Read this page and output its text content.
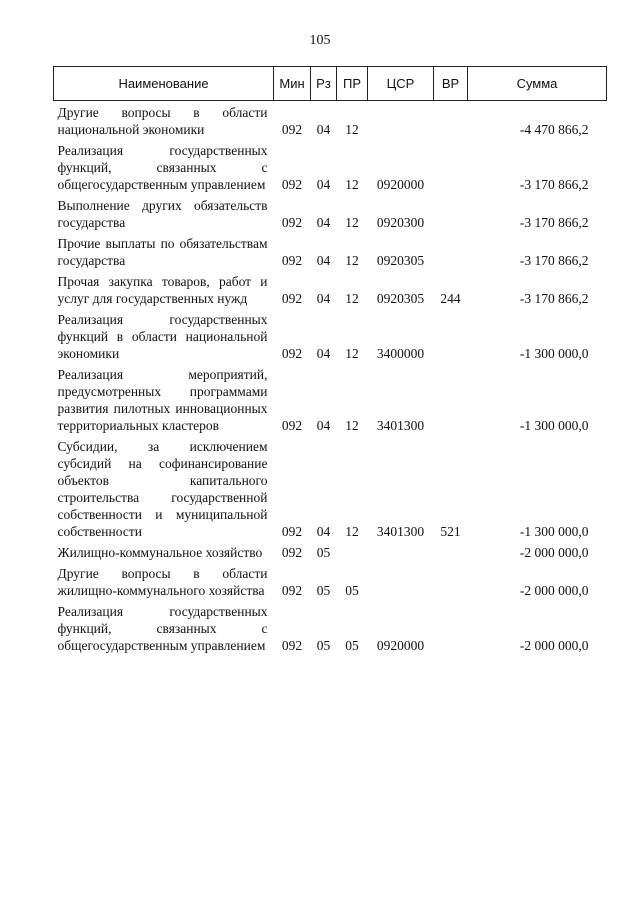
105
Наименование	Мин	Рз	ПР	ЦСР	ВР	Сумма
Другие вопросы в области национальной экономики	092	04	12			-4 470 866,2
Реализация государственных функций, связанных с общегосударственным управлением	092	04	12	0920000		-3 170 866,2
Выполнение других обязательств государства	092	04	12	0920300		-3 170 866,2
Прочие выплаты по обязательствам государства	092	04	12	0920305		-3 170 866,2
Прочая закупка товаров, работ и услуг для государственных нужд	092	04	12	0920305	244	-3 170 866,2
Реализация государственных функций в области национальной экономики	092	04	12	3400000		-1 300 000,0
Реализация мероприятий, предусмотренных программами развития пилотных инновационных территориальных кластеров	092	04	12	3401300		-1 300 000,0
Субсидии, за исключением субсидий на софинансирование объектов капитального строительства государственной собственности и муниципальной собственности	092	04	12	3401300	521	-1 300 000,0
Жилищно-коммунальное хозяйство	092	05				-2 000 000,0
Другие вопросы в области жилищно-коммунального хозяйства	092	05	05			-2 000 000,0
Реализация государственных функций, связанных с общегосударственным управлением	092	05	05	0920000		-2 000 000,0
